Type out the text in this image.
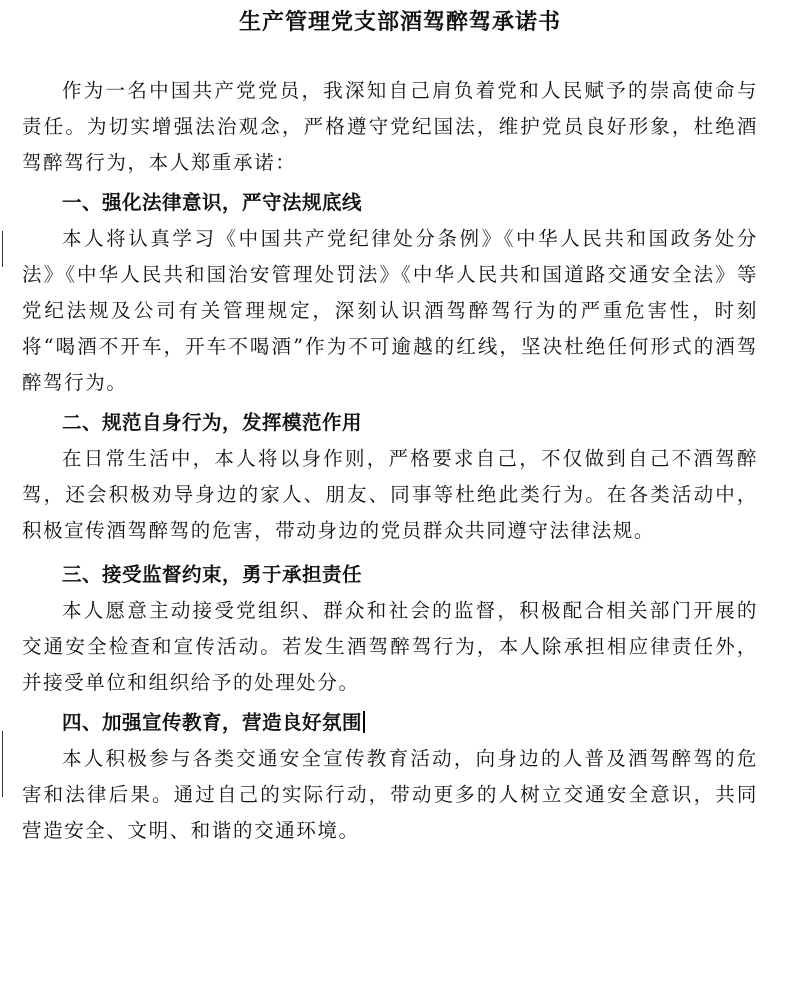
生产管理党支部酒驾醉驾承诺书

作为一名中国共产党党员，我深知自己肩负着党和人民赋予的崇高使命与责任。为切实增强法治观念，严格遵守党纪国法，维护党员良好形象，杜绝酒驾醉驾行为，本人郑重承诺：

一、强化法律意识，严守法规底线

本人将认真学习《中国共产党纪律处分条例》《中华人民共和国政务处分法》《中华人民共和国治安管理处罚法》《中华人民共和国道路交通安全法》等党纪法规及公司有关管理规定，深刻认识酒驾醉驾行为的严重危害性，时刻将“喝酒不开车，开车不喝酒”作为不可逾越的红线，坚决杜绝任何形式的酒驾醉驾行为。

二、规范自身行为，发挥模范作用

在日常生活中，本人将以身作则，严格要求自己，不仅做到自己不酒驾醉驾，还会积极劝导身边的家人、朋友、同事等杜绝此类行为。在各类活动中，积极宣传酒驾醉驾的危害，带动身边的党员群众共同遵守法律法规。

三、接受监督约束，勇于承担责任

本人愿意主动接受党组织、群众和社会的监督，积极配合相关部门开展的交通安全检查和宣传活动。若发生酒驾醉驾行为，本人除承担相应律责任外，并接受单位和组织给予的处理处分。

四、加强宣传教育，营造良好氛围

本人积极参与各类交通安全宣传教育活动，向身边的人普及酒驾醉驾的危害和法律后果。通过自己的实际行动，带动更多的人树立交通安全意识，共同营造安全、文明、和谐的交通环境。
